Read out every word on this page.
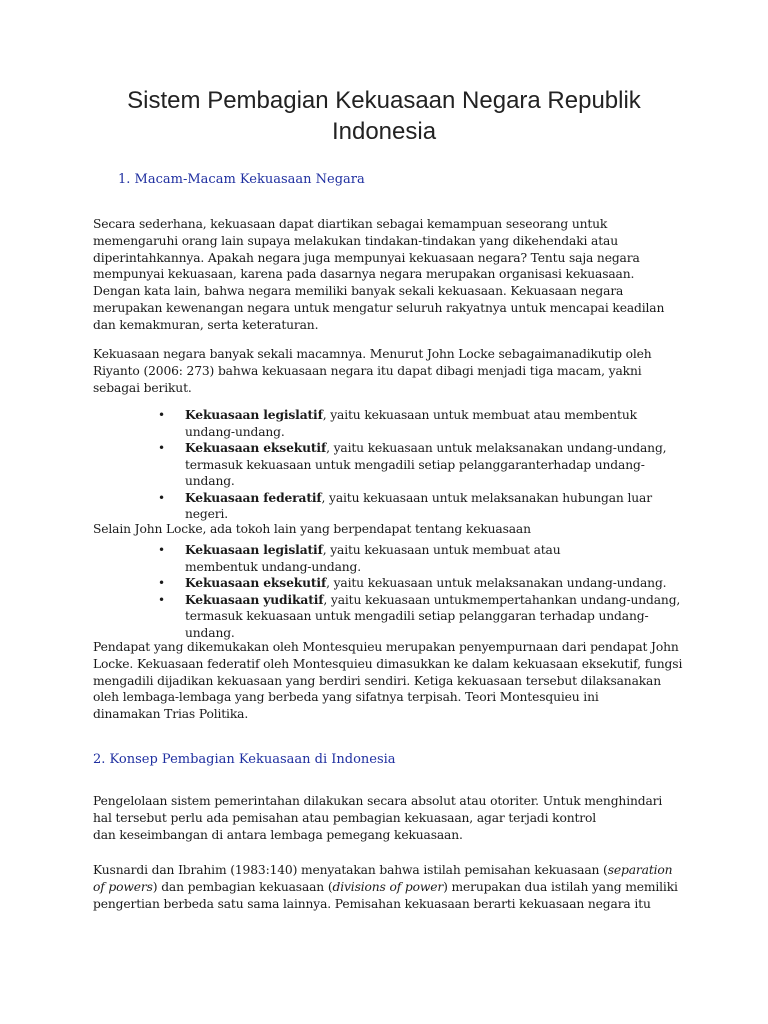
Sistem Pembagian Kekuasaan Negara Republik
Indonesia

1. Macam-Macam Kekuasaan Negara

Secara sederhana, kekuasaan dapat diartikan sebagai kemampuan seseorang untuk
memengaruhi orang lain supaya melakukan tindakan-tindakan yang dikehendaki atau
diperintahkannya. Apakah negara juga mempunyai kekuasaan negara? Tentu saja negara
mempunyai kekuasaan, karena pada dasarnya negara merupakan organisasi kekuasaan.
Dengan kata lain, bahwa negara memiliki banyak sekali kekuasaan. Kekuasaan negara
merupakan kewenangan negara untuk mengatur seluruh rakyatnya untuk mencapai keadilan
dan kemakmuran, serta keteraturan.

Kekuasaan negara banyak sekali macamnya. Menurut John Locke sebagaimanadikutip oleh
Riyanto (2006: 273) bahwa kekuasaan negara itu dapat dibagi menjadi tiga macam, yakni
sebagai berikut.

• Kekuasaan legislatif, yaitu kekuasaan untuk membuat atau membentuk
undang-undang.
• Kekuasaan eksekutif, yaitu kekuasaan untuk melaksanakan undang-undang,
termasuk kekuasaan untuk mengadili setiap pelanggaranterhadap undang-
undang.
• Kekuasaan federatif, yaitu kekuasaan untuk melaksanakan hubungan luar
negeri.

Selain John Locke, ada tokoh lain yang berpendapat tentang kekuasaan

• Kekuasaan legislatif, yaitu kekuasaan untuk membuat atau
membentuk undang-undang.
• Kekuasaan eksekutif, yaitu kekuasaan untuk melaksanakan undang-undang.
• Kekuasaan yudikatif, yaitu kekuasaan untukmempertahankan undang-undang,
termasuk kekuasaan untuk mengadili setiap pelanggaran terhadap undang-
undang.

Pendapat yang dikemukakan oleh Montesquieu merupakan penyempurnaan dari pendapat John
Locke. Kekuasaan federatif oleh Montesquieu dimasukkan ke dalam kekuasaan eksekutif, fungsi
mengadili dijadikan kekuasaan yang berdiri sendiri. Ketiga kekuasaan tersebut dilaksanakan
oleh lembaga-lembaga yang berbeda yang sifatnya terpisah. Teori Montesquieu ini
dinamakan Trias Politika.

2. Konsep Pembagian Kekuasaan di Indonesia

Pengelolaan sistem pemerintahan dilakukan secara absolut atau otoriter. Untuk menghindari
hal tersebut perlu ada pemisahan atau pembagian kekuasaan, agar terjadi kontrol
dan keseimbangan di antara lembaga pemegang kekuasaan.

Kusnardi dan Ibrahim (1983:140) menyatakan bahwa istilah pemisahan kekuasaan (separation
of powers) dan pembagian kekuasaan (divisions of power) merupakan dua istilah yang memiliki
pengertian berbeda satu sama lainnya. Pemisahan kekuasaan berarti kekuasaan negara itu
